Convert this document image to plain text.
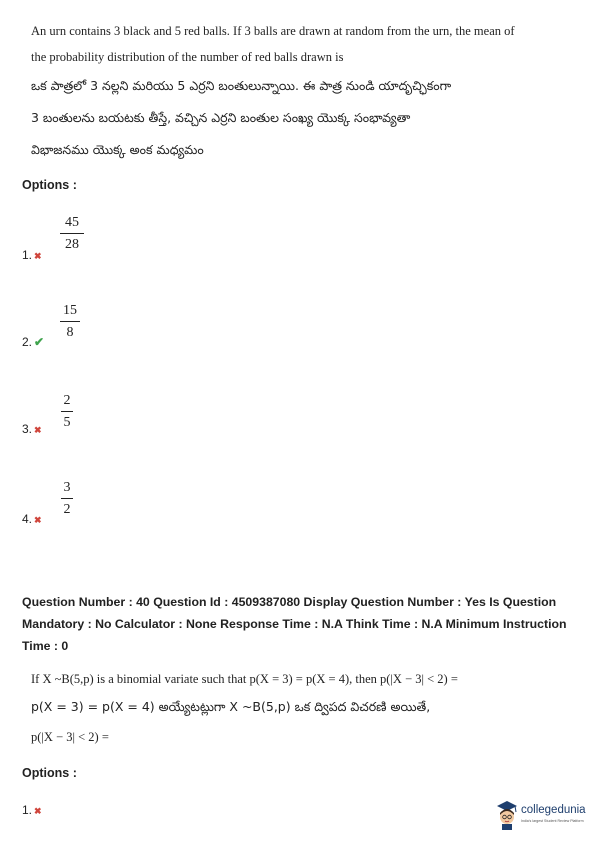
An urn contains 3 black and 5 red balls. If 3 balls are drawn at random from the urn, the mean of
the probability distribution of the number of red balls drawn is
ఒక పాత్రలో 3 నల్లని మరియు 5 ఎర్రని బంతులున్నాయి. ఈ పాత్ర నుండి యాదృచ్ఛికంగా
3 బంతులను బయటకు తీస్తే, వచ్చిన ఎర్రని బంతుల సంఖ్య యొక్క సంభావ్యతా
విభాజనము యొక్క అంక మధ్యమం
Options :
45
28
1. ✖
15
8
2. ✔
2
5
3. ✖
3
2
4. ✖
Question Number : 40 Question Id : 4509387080 Display Question Number : Yes Is Question
Mandatory : No Calculator : None Response Time : N.A Think Time : N.A Minimum Instruction
Time : 0
If X ~B(5,p) is a binomial variate such that p(X = 3) = p(X = 4), then p(|X − 3| < 2) =
p(X = 3) = p(X = 4) అయ్యేటట్లుగా X ~B(5,p) ఒక ద్విపద విచరణి అయితే,
p(|X − 3| < 2) =
Options :
1. ✖	collegedunia
India's largest Student Review Platform
